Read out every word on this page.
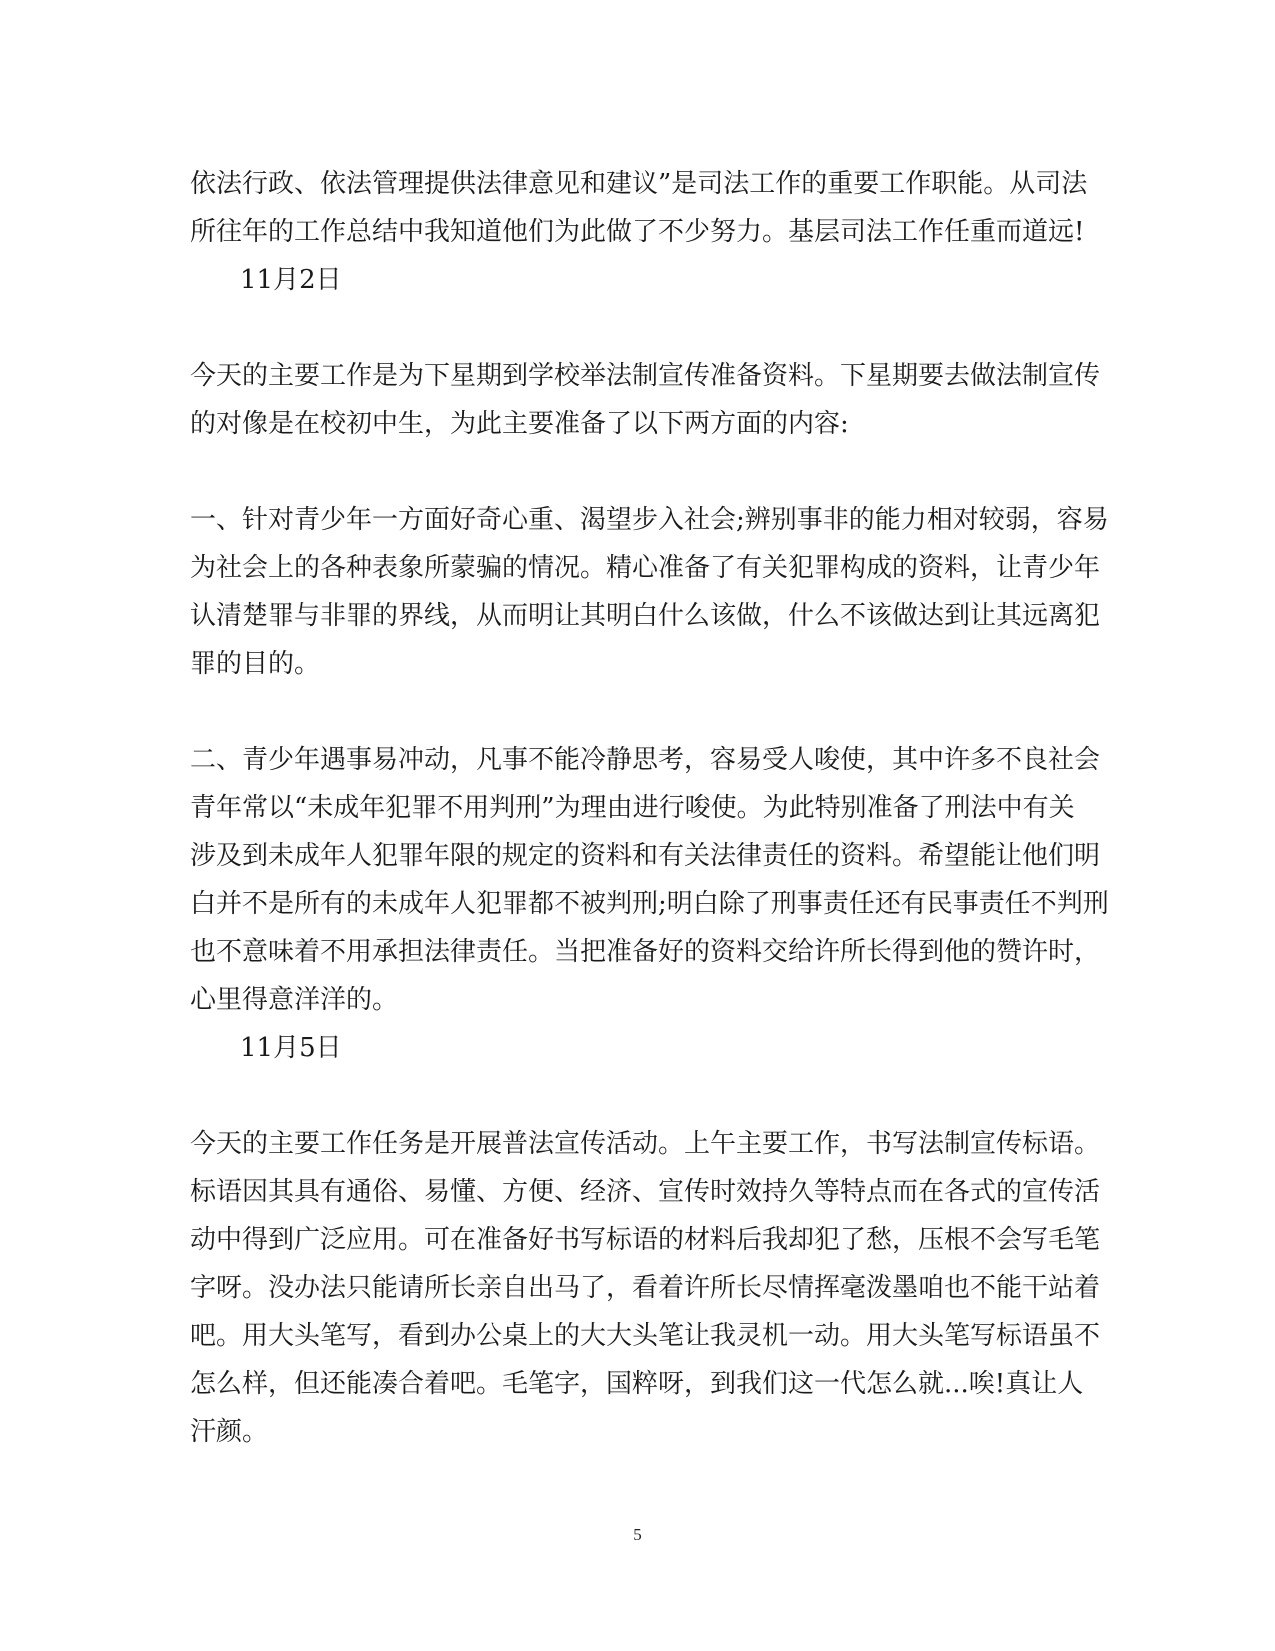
依法行政、依法管理提供法律意见和建议”是司法工作的重要工作职能。从司法
所往年的工作总结中我知道他们为此做了不少努力。基层司法工作任重而道远!
11月2日
今天的主要工作是为下星期到学校举法制宣传准备资料。下星期要去做法制宣传
的对像是在校初中生，为此主要准备了以下两方面的内容:
一、针对青少年一方面好奇心重、渴望步入社会;辨别事非的能力相对较弱，容易
为社会上的各种表象所蒙骗的情况。精心准备了有关犯罪构成的资料，让青少年
认清楚罪与非罪的界线，从而明让其明白什么该做，什么不该做达到让其远离犯
罪的目的。
二、青少年遇事易冲动，凡事不能冷静思考，容易受人唆使，其中许多不良社会
青年常以“未成年犯罪不用判刑”为理由进行唆使。为此特别准备了刑法中有关
涉及到未成年人犯罪年限的规定的资料和有关法律责任的资料。希望能让他们明
白并不是所有的未成年人犯罪都不被判刑;明白除了刑事责任还有民事责任不判刑
也不意味着不用承担法律责任。当把准备好的资料交给许所长得到他的赞许时，
心里得意洋洋的。
11月5日
今天的主要工作任务是开展普法宣传活动。上午主要工作，书写法制宣传标语。
标语因其具有通俗、易懂、方便、经济、宣传时效持久等特点而在各式的宣传活
动中得到广泛应用。可在准备好书写标语的材料后我却犯了愁，压根不会写毛笔
字呀。没办法只能请所长亲自出马了，看着许所长尽情挥毫泼墨咱也不能干站着
吧。用大头笔写，看到办公桌上的大大头笔让我灵机一动。用大头笔写标语虽不
怎么样，但还能凑合着吧。毛笔字，国粹呀，到我们这一代怎么就...唉!真让人
汗颜。
5
